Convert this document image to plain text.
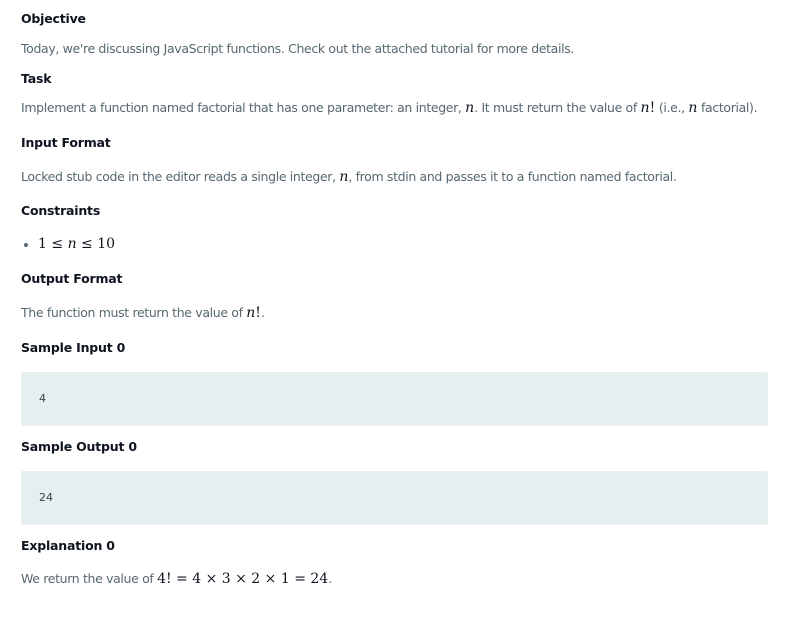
Objective
Today, we're discussing JavaScript functions. Check out the attached tutorial for more details.
Task
Implement a function named factorial that has one parameter: an integer, n. It must return the value of n! (i.e., n factorial).
Input Format
Locked stub code in the editor reads a single integer, n, from stdin and passes it to a function named factorial.
Constraints
1 ≤ n ≤ 10
Output Format
The function must return the value of n!.
Sample Input 0
4
Sample Output 0
24
Explanation 0
We return the value of 4! = 4 × 3 × 2 × 1 = 24.
